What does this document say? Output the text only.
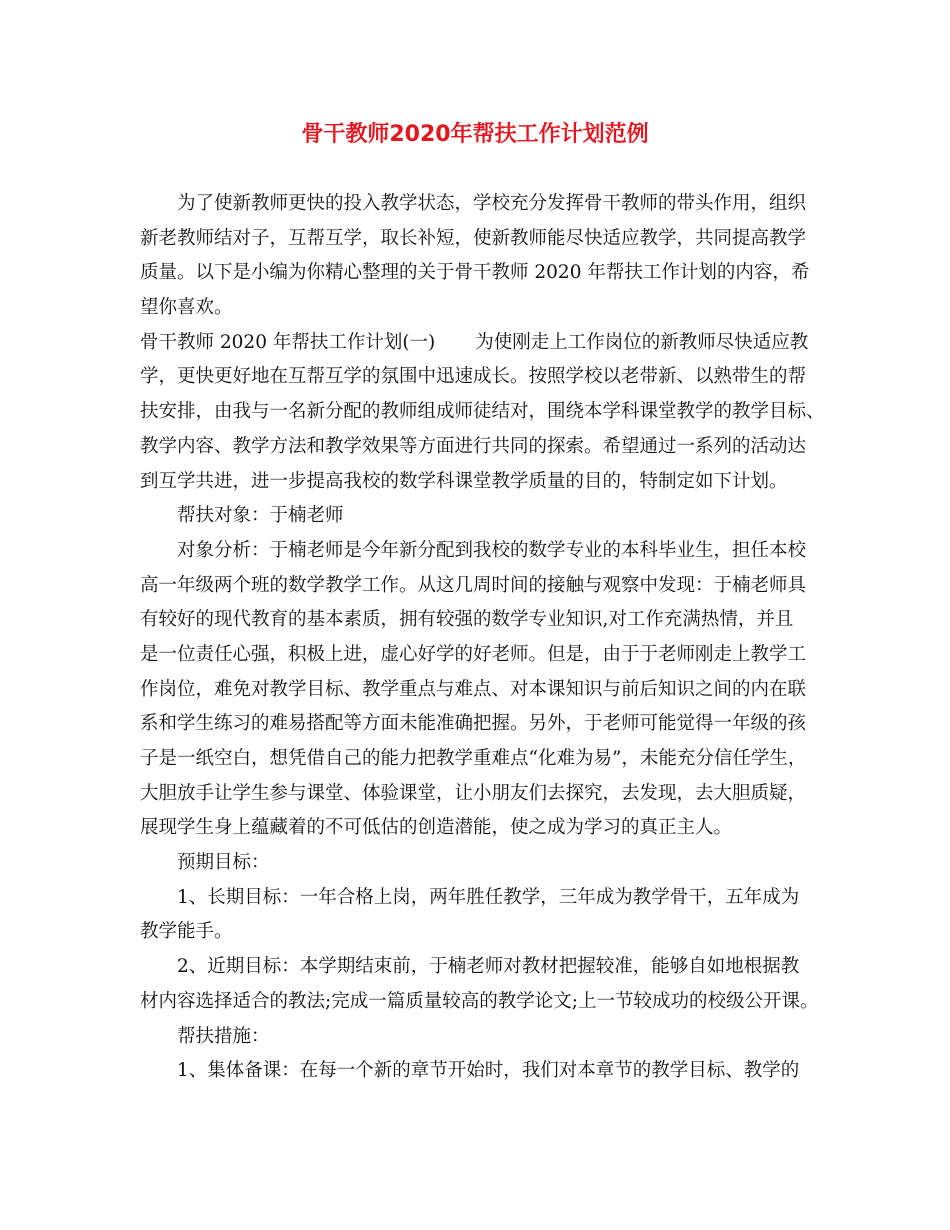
骨干教师2020年帮扶工作计划范例

为了使新教师更快的投入教学状态，学校充分发挥骨干教师的带头作用，组织

新老教师结对子，互帮互学，取长补短，使新教师能尽快适应教学，共同提高教学

质量。以下是小编为你精心整理的关于骨干教师 2020 年帮扶工作计划的内容，希

望你喜欢。

骨干教师 2020 年帮扶工作计划(一) 为使刚走上工作岗位的新教师尽快适应教

学，更快更好地在互帮互学的氛围中迅速成长。按照学校以老带新、以熟带生的帮

扶安排，由我与一名新分配的教师组成师徒结对，围绕本学科课堂教学的教学目标、

教学内容、教学方法和教学效果等方面进行共同的探索。希望通过一系列的活动达

到互学共进，进一步提高我校的数学科课堂教学质量的目的，特制定如下计划。

帮扶对象：于楠老师

对象分析：于楠老师是今年新分配到我校的数学专业的本科毕业生，担任本校

高一年级两个班的数学教学工作。从这几周时间的接触与观察中发现：于楠老师具

有较好的现代教育的基本素质，拥有较强的数学专业知识,对工作充满热情，并且

是一位责任心强，积极上进，虚心好学的好老师。但是，由于于老师刚走上教学工

作岗位，难免对教学目标、教学重点与难点、对本课知识与前后知识之间的内在联

系和学生练习的难易搭配等方面未能准确把握。另外，于老师可能觉得一年级的孩

子是一纸空白，想凭借自己的能力把教学重难点“化难为易”，未能充分信任学生，

大胆放手让学生参与课堂、体验课堂，让小朋友们去探究，去发现，去大胆质疑，

展现学生身上蕴藏着的不可低估的创造潜能，使之成为学习的真正主人。

预期目标：

1、长期目标：一年合格上岗，两年胜任教学，三年成为教学骨干，五年成为

教学能手。

2、近期目标：本学期结束前，于楠老师对教材把握较准，能够自如地根据教

材内容选择适合的教法;完成一篇质量较高的教学论文;上一节较成功的校级公开课。

帮扶措施：

1、集体备课：在每一个新的章节开始时，我们对本章节的教学目标、教学的
